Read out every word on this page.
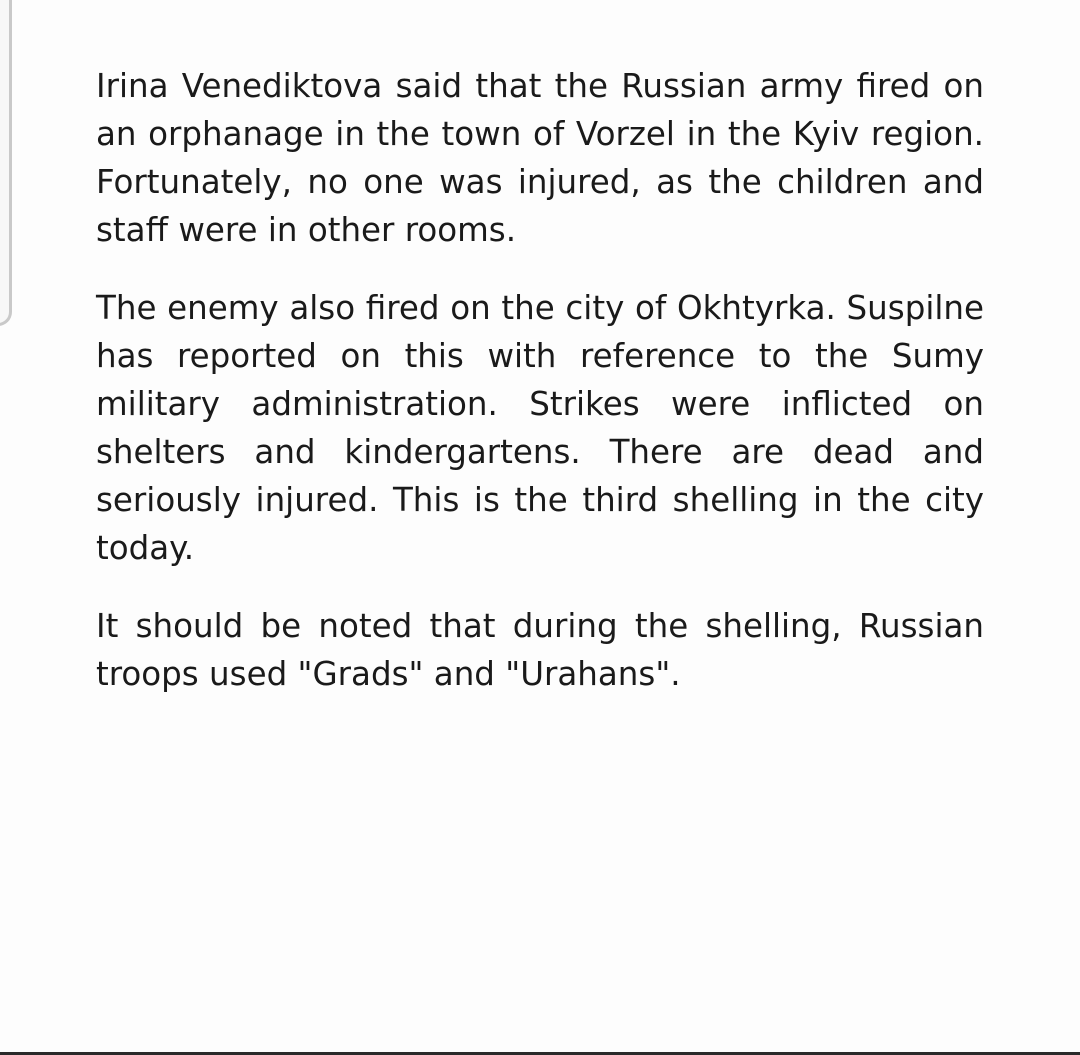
Irina Venediktova said that the Russian army fired on an orphanage in the town of Vorzel in the Kyiv region. Fortunately, no one was injured, as the children and staff were in other rooms.

The enemy also fired on the city of Okhtyrka. Suspilne has reported on this with reference to the Sumy military administration. Strikes were inflicted on shelters and kindergartens. There are dead and seriously injured. This is the third shelling in the city today.

It should be noted that during the shelling, Russian troops used "Grads" and "Urahans".
